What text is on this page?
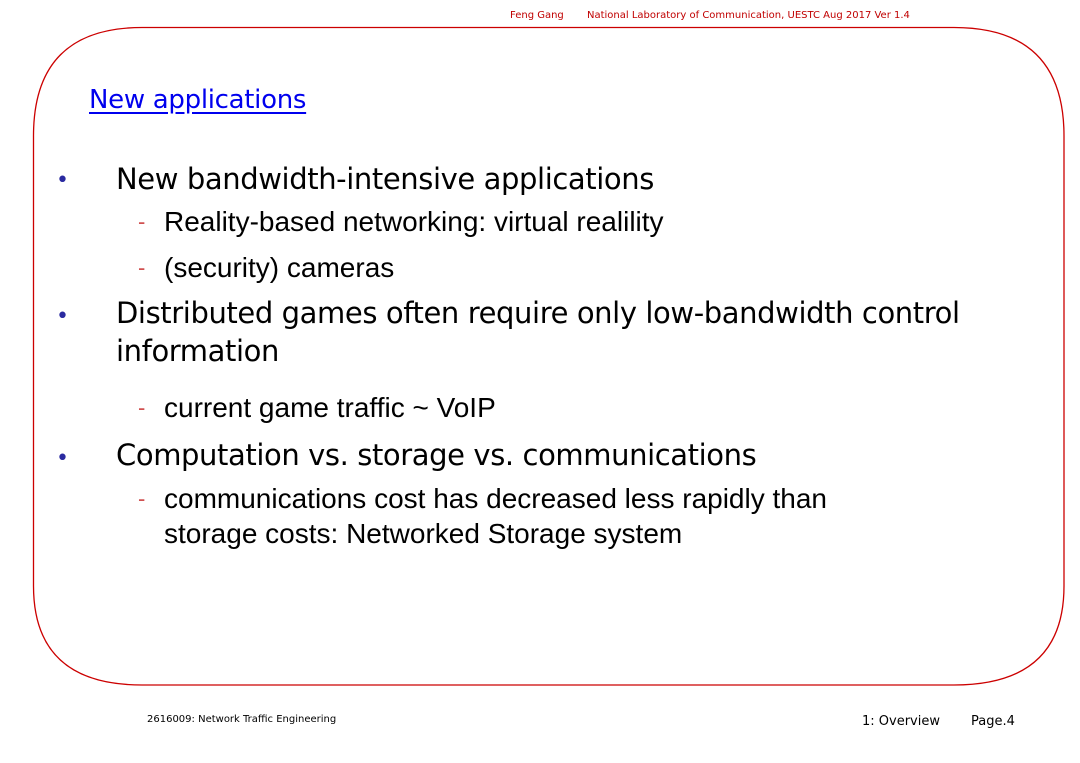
Feng Gang National Laboratory of Communication, UESTC Aug 2017 Ver 1.4
New applications
• New bandwidth-intensive applications
- Reality-based networking: virtual realility
- (security) cameras
• Distributed games often require only low-bandwidth control information
- current game traffic ~ VoIP
• Computation vs. storage vs. communications
- communications cost has decreased less rapidly than storage costs: Networked Storage system
2616009: Network Traffic Engineering	1: Overview Page.4
